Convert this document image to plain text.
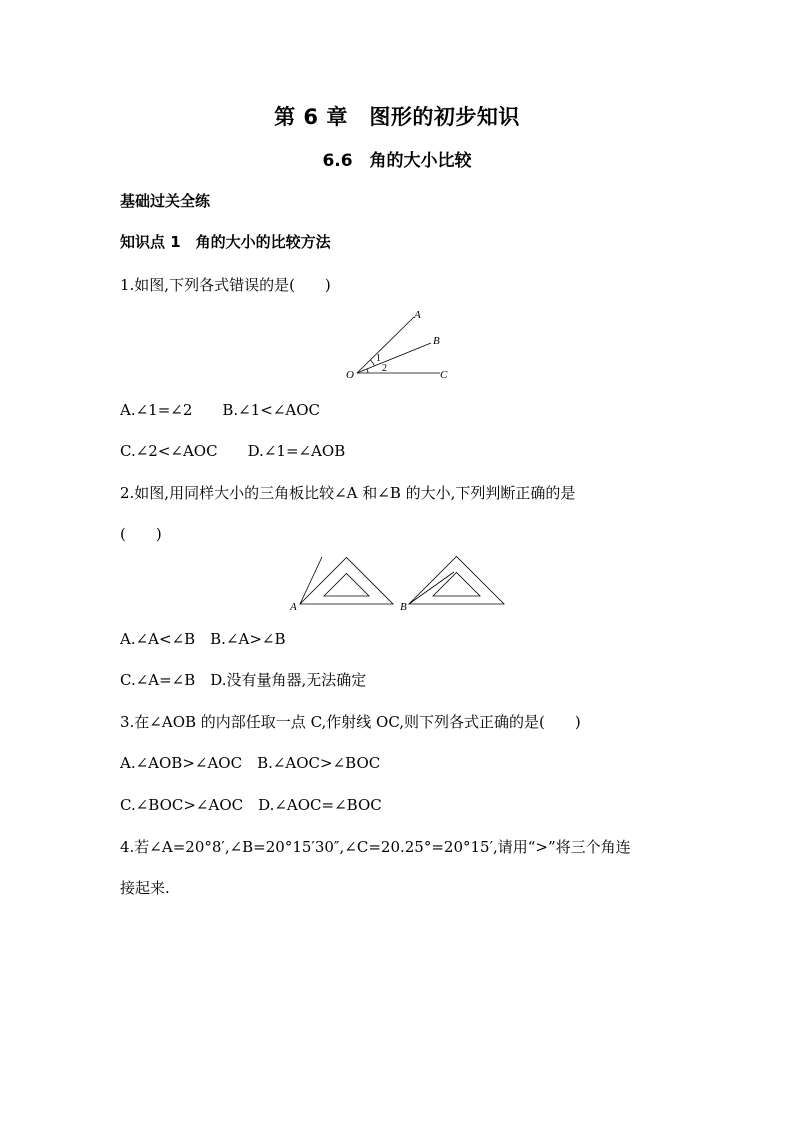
第 6 章　图形的初步知识
6.6　角的大小比较
基础过关全练
知识点 1　角的大小的比较方法
1.如图,下列各式错误的是(　　)
A
B
O	C
1
2
A.∠1=∠2　　B.∠1<∠AOC
C.∠2<∠AOC　　D.∠1=∠AOB
2.如图,用同样大小的三角板比较∠A 和∠B 的大小,下列判断正确的是
(　　)
A	B
A.∠A<∠B　B.∠A>∠B
C.∠A=∠B　D.没有量角器,无法确定
3.在∠AOB 的内部任取一点 C,作射线 OC,则下列各式正确的是(　　)
A.∠AOB>∠AOC　B.∠AOC>∠BOC
C.∠BOC>∠AOC　D.∠AOC=∠BOC
4.若∠A=20°8′,∠B=20°15′30″,∠C=20.25°=20°15′,请用“>”将三个角连
接起来.
